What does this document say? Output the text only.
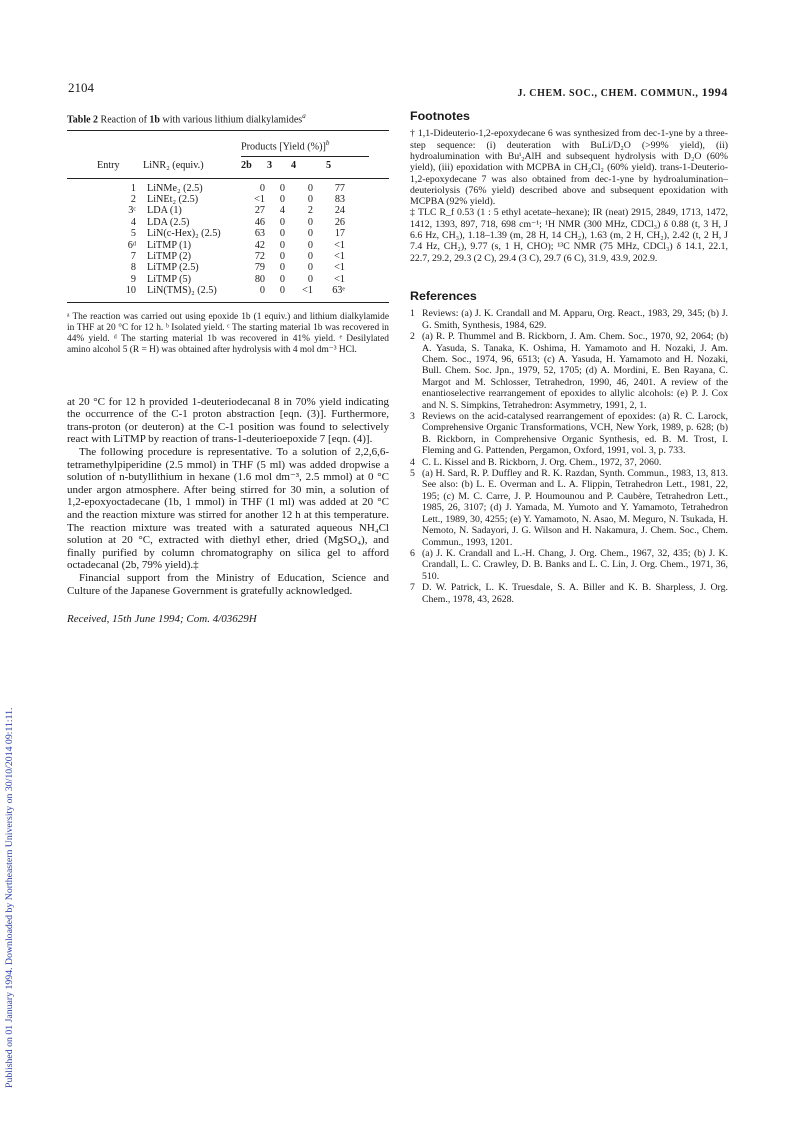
2104	J. CHEM. SOC., CHEM. COMMUN., 1994
Published on 01 January 1994. Downloaded by Northeastern University on 30/10/2014 09:11:11.
Table 2 Reaction of 1b with various lithium dialkylamides$^a$
Products [Yield (%)]$^b$
Entry LiNR₂ (equiv.)	2b 3 4	5
1	LiNMe₂ (2.5)	0	0	0	77
2	LiNEt₂ (2.5)	<1	0	0	83
3ᶜ	LDA (1)	27	4	2	24
4	LDA (2.5)	46	0	0	26
5	LiN(c-Hex)₂ (2.5)	63	0	0	17
6ᵈ	LiTMP (1)	42	0	0	<1
7	LiTMP (2)	72	0	0	<1
8	LiTMP (2.5)	79	0	0	<1
9	LiTMP (5)	80	0	0	<1
10	LiN(TMS)₂ (2.5)	0	0	<1	63ᵉ
ᵃ The reaction was carried out using epoxide 1b (1 equiv.) and lithium dialkylamide in THF at 20 °C for 12 h. ᵇ Isolated yield. ᶜ The starting material 1b was recovered in 44% yield. ᵈ The starting material 1b was recovered in 41% yield. ᵉ Desilylated amino alcohol 5 (R = H) was obtained after hydrolysis with 4 mol dm⁻³ HCl.

at 20 °C for 12 h provided 1-deuteriodecanal 8 in 70% yield indicating the occurrence of the C-1 proton abstraction [eqn. (3)]. Furthermore, trans-proton (or deuteron) at the C-1 position was found to selectively react with LiTMP by reaction of trans-1-deuterioepoxide 7 [eqn. (4)].

The following procedure is representative. To a solution of 2,2,6,6-tetramethylpiperidine (2.5 mmol) in THF (5 ml) was added dropwise a solution of n-butyllithium in hexane (1.6 mol dm⁻³, 2.5 mmol) at 0 °C under argon atmosphere. After being stirred for 30 min, a solution of 1,2-epoxyoctadecane (1b, 1 mmol) in THF (1 ml) was added at 20 °C and the reaction mixture was stirred for another 12 h at this temperature. The reaction mixture was treated with a saturated aqueous NH₄Cl solution at 20 °C, extracted with diethyl ether, dried (MgSO₄), and finally purified by column chromatography on silica gel to afford octadecanal (2b, 79% yield).‡

Financial support from the Ministry of Education, Science and Culture of the Japanese Government is gratefully acknowledged.

Received, 15th June 1994; Com. 4/03629H
Footnotes
† 1,1-Dideuterio-1,2-epoxydecane 6 was synthesized from dec-1-yne by a three-step sequence: (i) deuteration with BuLi/D₂O (>99% yield), (ii) hydroalumination with Buⁱ₂AlH and subsequent hydrolysis with D₂O (60% yield), (iii) epoxidation with MCPBA in CH₂Cl₂ (60% yield). trans-1-Deuterio-1,2-epoxydecane 7 was also obtained from dec-1-yne by hydroalumination–deuteriolysis (76% yield) described above and subsequent epoxidation with MCPBA (92% yield).
‡ TLC R_f 0.53 (1 : 5 ethyl acetate–hexane); IR (neat) 2915, 2849, 1713, 1472, 1412, 1393, 897, 718, 698 cm⁻¹; ¹H NMR (300 MHz, CDCl₃) δ 0.88 (t, 3 H, J 6.6 Hz, CH₃), 1.18–1.39 (m, 28 H, 14 CH₂), 1.63 (m, 2 H, CH₂), 2.42 (t, 2 H, J 7.4 Hz, CH₂), 9.77 (s, 1 H, CHO); ¹³C NMR (75 MHz, CDCl₃) δ 14.1, 22.1, 22.7, 29.2, 29.3 (2 C), 29.4 (3 C), 29.7 (6 C), 31.9, 43.9, 202.9.
References
1 Reviews: (a) J. K. Crandall and M. Apparu, Org. React., 1983, 29, 345; (b) J. G. Smith, Synthesis, 1984, 629.
2 (a) R. P. Thummel and B. Rickborn, J. Am. Chem. Soc., 1970, 92, 2064; (b) A. Yasuda, S. Tanaka, K. Oshima, H. Yamamoto and H. Nozaki, J. Am. Chem. Soc., 1974, 96, 6513; (c) A. Yasuda, H. Yamamoto and H. Nozaki, Bull. Chem. Soc. Jpn., 1979, 52, 1705; (d) A. Mordini, E. Ben Rayana, C. Margot and M. Schlosser, Tetrahedron, 1990, 46, 2401. A review of the enantioselective rearrangement of epoxides to allylic alcohols: (e) P. J. Cox and N. S. Simpkins, Tetrahedron: Asymmetry, 1991, 2, 1.
3 Reviews on the acid-catalysed rearrangement of epoxides: (a) R. C. Larock, Comprehensive Organic Transformations, VCH, New York, 1989, p. 628; (b) B. Rickborn, in Comprehensive Organic Synthesis, ed. B. M. Trost, I. Fleming and G. Pattenden, Pergamon, Oxford, 1991, vol. 3, p. 733.
4 C. L. Kissel and B. Rickborn, J. Org. Chem., 1972, 37, 2060.
5 (a) H. Sard, R. P. Duffley and R. K. Razdan, Synth. Commun., 1983, 13, 813. See also: (b) L. E. Overman and L. A. Flippin, Tetrahedron Lett., 1981, 22, 195; (c) M. C. Carre, J. P. Houmounou and P. Caubère, Tetrahedron Lett., 1985, 26, 3107; (d) J. Yamada, M. Yumoto and Y. Yamamoto, Tetrahedron Lett., 1989, 30, 4255; (e) Y. Yamamoto, N. Asao, M. Meguro, N. Tsukada, H. Nemoto, N. Sadayori, J. G. Wilson and H. Nakamura, J. Chem. Soc., Chem. Commun., 1993, 1201.
6 (a) J. K. Crandall and L.-H. Chang, J. Org. Chem., 1967, 32, 435; (b) J. K. Crandall, L. C. Crawley, D. B. Banks and L. C. Lin, J. Org. Chem., 1971, 36, 510.
7 D. W. Patrick, L. K. Truesdale, S. A. Biller and K. B. Sharpless, J. Org. Chem., 1978, 43, 2628.
